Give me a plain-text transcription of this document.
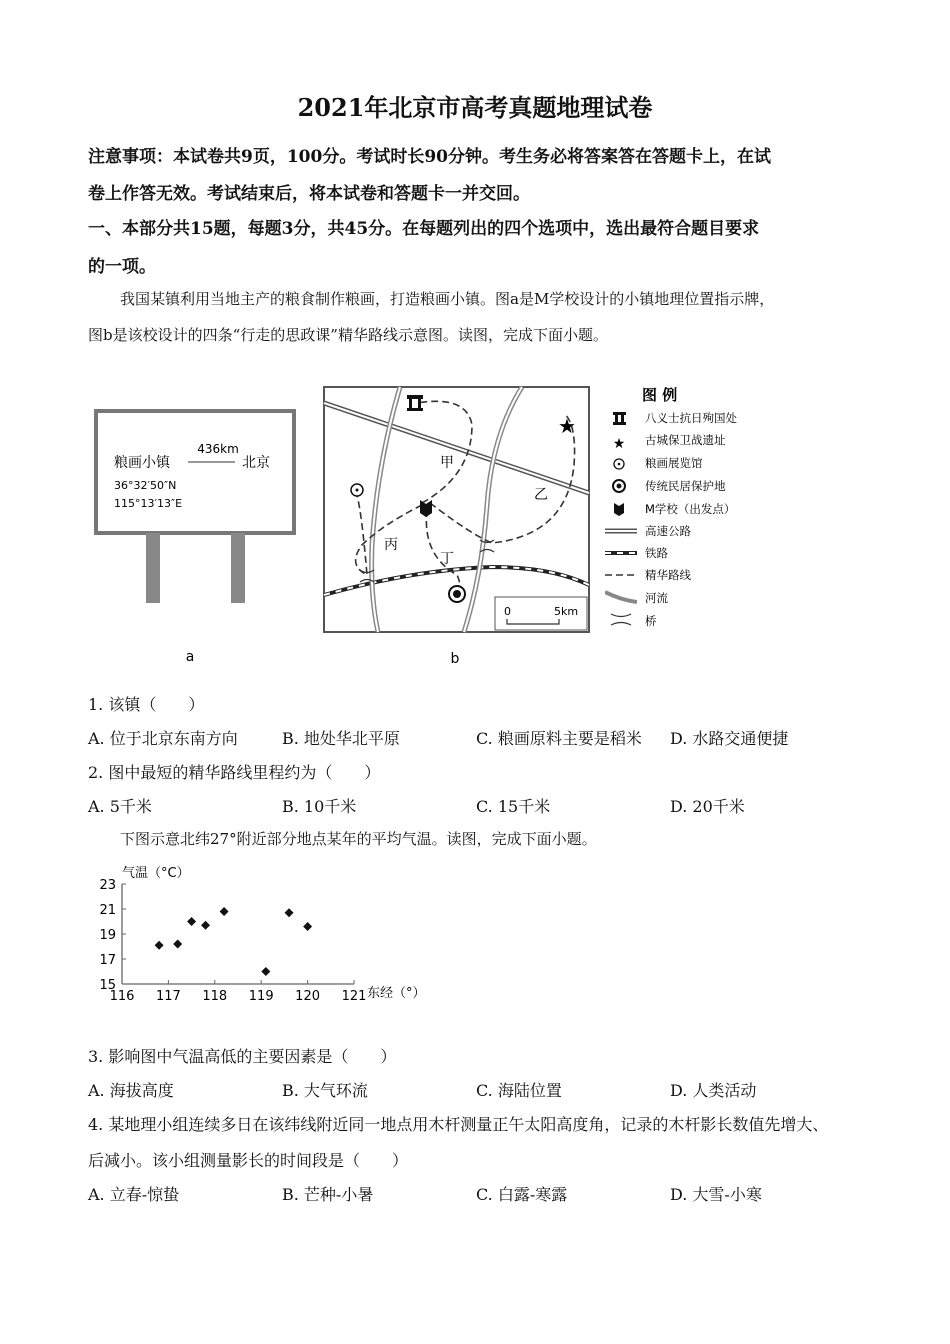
2021年北京市高考真题地理试卷
注意事项：本试卷共9页，100分。考试时长90分钟。考生务必将答案答在答题卡上，在试
卷上作答无效。考试结束后，将本试卷和答题卡一并交回。
一、本部分共15题，每题3分，共45分。在每题列出的四个选项中，选出最符合题目要求
的一项。
我国某镇利用当地主产的粮食制作粮画，打造粮画小镇。图a是M学校设计的小镇地理位置指示牌，
图b是该校设计的四条“行走的思政课”精华路线示意图。读图，完成下面小题。
436km
粮画小镇	北京
36°32′50″N
115°13′13″E
a
★
甲
乙
丙
丁
0	5km
b
图 例
★
八义士抗日殉国处
古城保卫战遗址
粮画展览馆
传统民居保护地
M学校（出发点）
高速公路
铁路
精华路线
河流
桥
1. 该镇（　　）
A. 位于北京东南方向	B. 地处华北平原	C. 粮画原料主要是稻米 D. 水路交通便捷
2. 图中最短的精华路线里程约为（　　）
A. 5千米	B. 10千米	C. 15千米	D. 20千米
下图示意北纬27°附近部分地点某年的平均气温。读图，完成下面小题。
气温（°C）
东经（°）
15
17
19
21
23
116 117 118 119 120 121
3. 影响图中气温高低的主要因素是（　　）
A. 海拔高度	B. 大气环流	C. 海陆位置	D. 人类活动
4. 某地理小组连续多日在该纬线附近同一地点用木杆测量正午太阳高度角，记录的木杆影长数值先增大、
后减小。该小组测量影长的时间段是（　　）
A. 立春-惊蛰	B. 芒种-小暑	C. 白露-寒露	D. 大雪-小寒
